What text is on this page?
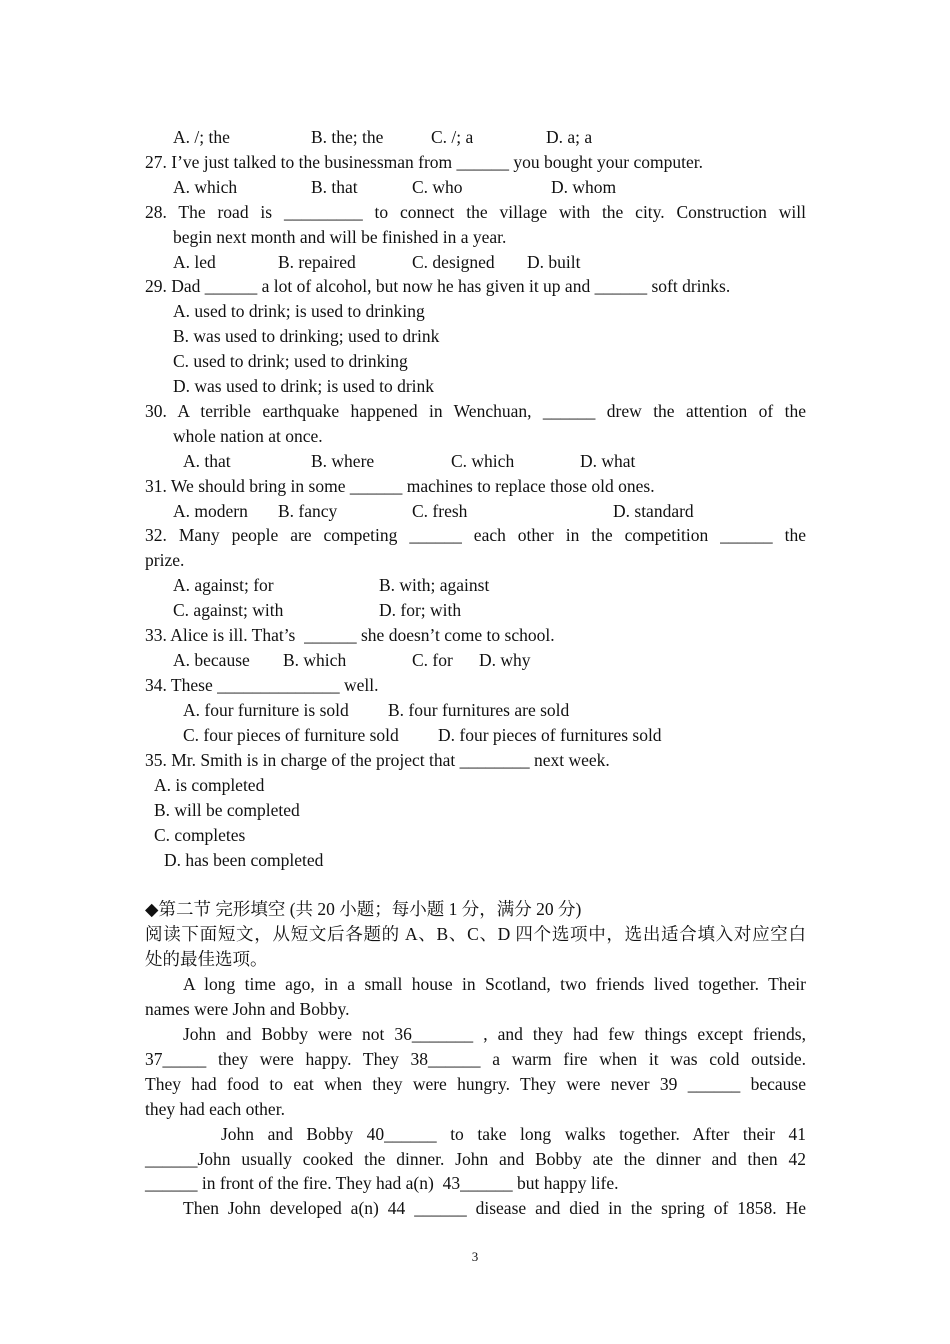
A. /; the	B. the; the	C. /; a	D. a; a
27. I’ve just talked to the businessman from ______ you bought your computer.
A. which	B. that	C. who	D. whom
28. The road is _________ to connect the village with the city. Construction will
begin next month and will be finished in a year.
A. led	B. repaired	C. designed D. built
29. Dad ______ a lot of alcohol, but now he has given it up and ______ soft drinks.
A. used to drink; is used to drinking
B. was used to drinking; used to drink
C. used to drink; used to drinking
D. was used to drink; is used to drink
30. A terrible earthquake happened in Wenchuan, ______ drew the attention of the
whole nation at once.
A. that	B. where	C. which	D. what
31. We should bring in some ______ machines to replace those old ones.
A. modern B. fancy	C. fresh	D. standard
32. Many people are competing ______ each other in the competition ______ the
prize.
A. against; for	B. with; against
C. against; with	D. for; with
33. Alice is ill. That’s  ______ she doesn’t come to school.
A. because B. which	C. for D. why
34. These ______________ well.
A. four furniture is sold B. four furnitures are sold
C. four pieces of furniture sold D. four pieces of furnitures sold
35. Mr. Smith is in charge of the project that ________ next week.
A. is completed
B. will be completed
C. completes
D. has been completed
◆第二节 完形填空 (共 20 小题；每小题 1 分，满分 20 分)
阅读下面短文，从短文后各题的 A、B、C、D 四个选项中，选出适合填入对应空白
处的最佳选项。
A long time ago, in a small house in Scotland, two friends lived together. Their
names were John and Bobby.
John and Bobby were not 36_______ , and they had few things except friends,
37_____ they were happy. They 38______ a warm fire when it was cold outside.
They had food to eat when they were hungry. They were never 39 ______ because
they had each other.
John and Bobby 40______ to take long walks together. After their 41
______John usually cooked the dinner. John and Bobby ate the dinner and then 42
______ in front of the fire. They had a(n)  43______ but happy life.
Then John developed a(n) 44 ______ disease and died in the spring of 1858. He
3
